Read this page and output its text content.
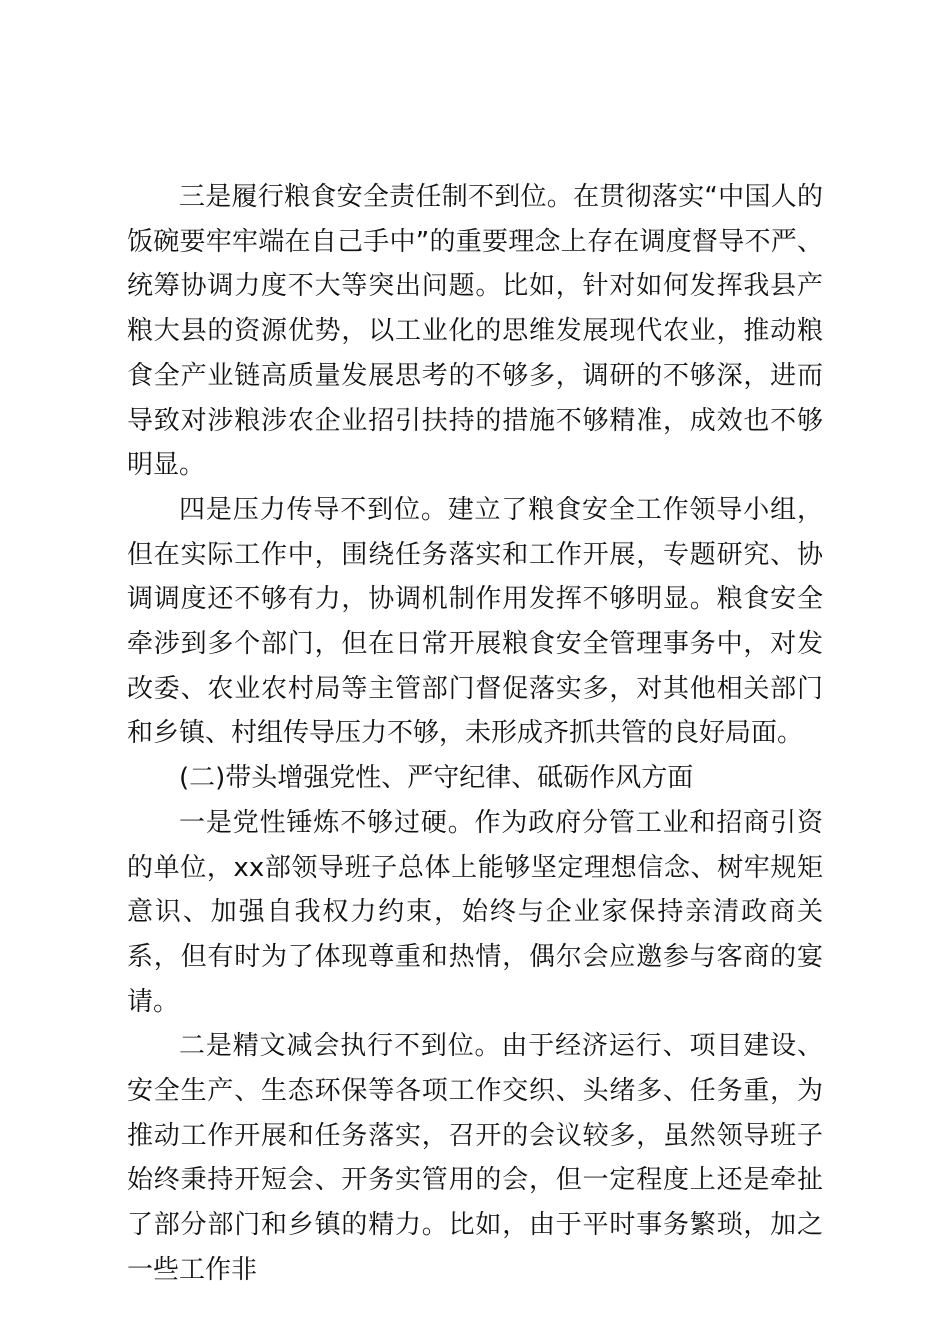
三是履行粮食安全责任制不到位。在贯彻落实“中国人的饭碗要牢牢端在自己手中”的重要理念上存在调度督导不严、统筹协调力度不大等突出问题。比如，针对如何发挥我县产粮大县的资源优势，以工业化的思维发展现代农业，推动粮食全产业链高质量发展思考的不够多，调研的不够深，进而导致对涉粮涉农企业招引扶持的措施不够精准，成效也不够明显。

四是压力传导不到位。建立了粮食安全工作领导小组，但在实际工作中，围绕任务落实和工作开展，专题研究、协调调度还不够有力，协调机制作用发挥不够明显。粮食安全牵涉到多个部门，但在日常开展粮食安全管理事务中，对发改委、农业农村局等主管部门督促落实多，对其他相关部门和乡镇、村组传导压力不够，未形成齐抓共管的良好局面。

(二)带头增强党性、严守纪律、砥砺作风方面

一是党性锤炼不够过硬。作为政府分管工业和招商引资的单位，xx部领导班子总体上能够坚定理想信念、树牢规矩意识、加强自我权力约束，始终与企业家保持亲清政商关系，但有时为了体现尊重和热情，偶尔会应邀参与客商的宴请。

二是精文减会执行不到位。由于经济运行、项目建设、安全生产、生态环保等各项工作交织、头绪多、任务重，为推动工作开展和任务落实，召开的会议较多，虽然领导班子始终秉持开短会、开务实管用的会，但一定程度上还是牵扯了部分部门和乡镇的精力。比如，由于平时事务繁琐，加之一些工作非
